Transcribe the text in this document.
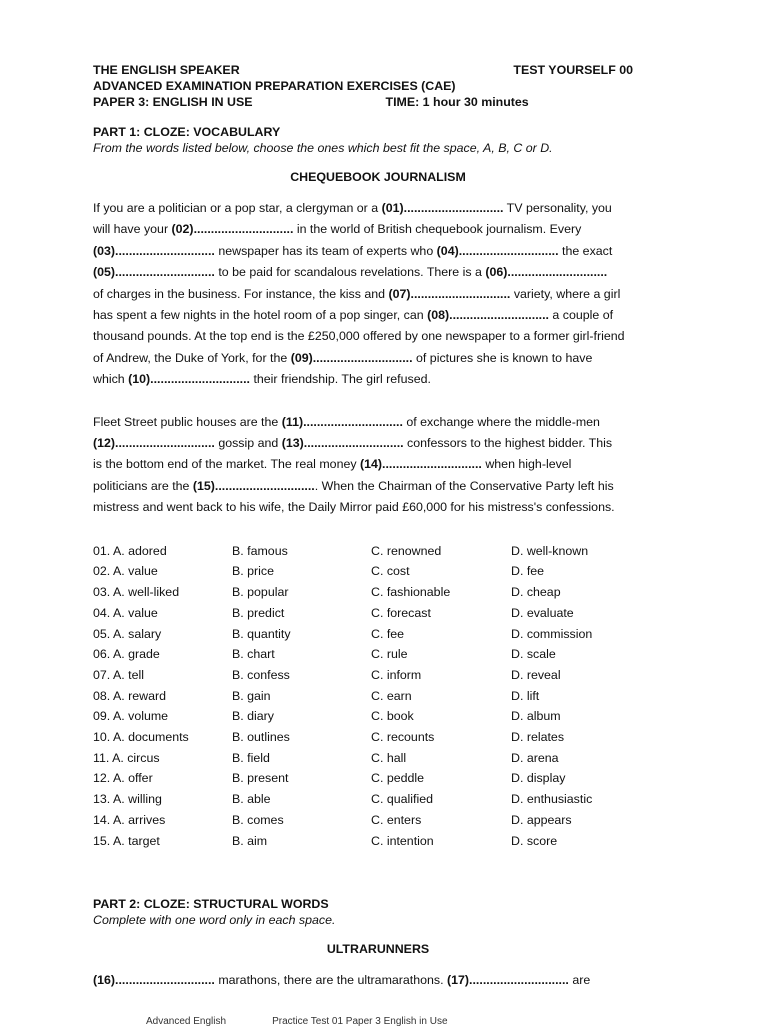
THE ENGLISH SPEAKER	TEST YOURSELF 00
ADVANCED EXAMINATION PREPARATION EXERCISES (CAE)
PAPER 3: ENGLISH IN USE	TIME: 1 hour 30 minutes
PART 1: CLOZE: VOCABULARY
From the words listed below, choose the ones which best fit the space, A, B, C or D.
CHEQUEBOOK JOURNALISM

If you are a politician or a pop star, a clergyman or a (01)............................. TV personality, you
will have your (02)............................. in the world of British chequebook journalism. Every
(03)............................. newspaper has its team of experts who (04)............................. the exact
(05)............................. to be paid for scandalous revelations. There is a (06).............................
of charges in the business. For instance, the kiss and (07)............................. variety, where a girl
has spent a few nights in the hotel room of a pop singer, can (08)............................. a couple of
thousand pounds. At the top end is the £250,000 offered by one newspaper to a former girl-friend
of Andrew, the Duke of York, for the (09)............................. of pictures she is known to have
which (10)............................. their friendship. The girl refused.

Fleet Street public houses are the (11)............................. of exchange where the middle-men
(12)............................. gossip and (13)............................. confessors to the highest bidder. This
is the bottom end of the market. The real money (14)............................. when high-level
politicians are the (15).............................. When the Chairman of the Conservative Party left his
mistress and went back to his wife, the Daily Mirror paid £60,000 for his mistress's confessions.

01. A. adored	B. famous	C. renowned	D. well-known
02. A. value	B. price	C. cost	D. fee
03. A. well-liked	B. popular	C. fashionable	D. cheap
04. A. value	B. predict	C. forecast	D. evaluate
05. A. salary	B. quantity	C. fee	D. commission
06. A. grade	B. chart	C. rule	D. scale
07. A. tell	B. confess	C. inform	D. reveal
08. A. reward	B. gain	C. earn	D. lift
09. A. volume	B. diary	C. book	D. album
10. A. documents	B. outlines	C. recounts	D. relates
11. A. circus	B. field	C. hall	D. arena
12. A. offer	B. present	C. peddle	D. display
13. A. willing	B. able	C. qualified	D. enthusiastic
14. A. arrives	B. comes	C. enters	D. appears
15. A. target	B. aim	C. intention	D. score
PART 2: CLOZE: STRUCTURAL WORDS
Complete with one word only in each space.
ULTRARUNNERS

(16)............................. marathons, there are the ultramarathons. (17)............................. are

Advanced English	Practice Test 01 Paper 3 English in Use
